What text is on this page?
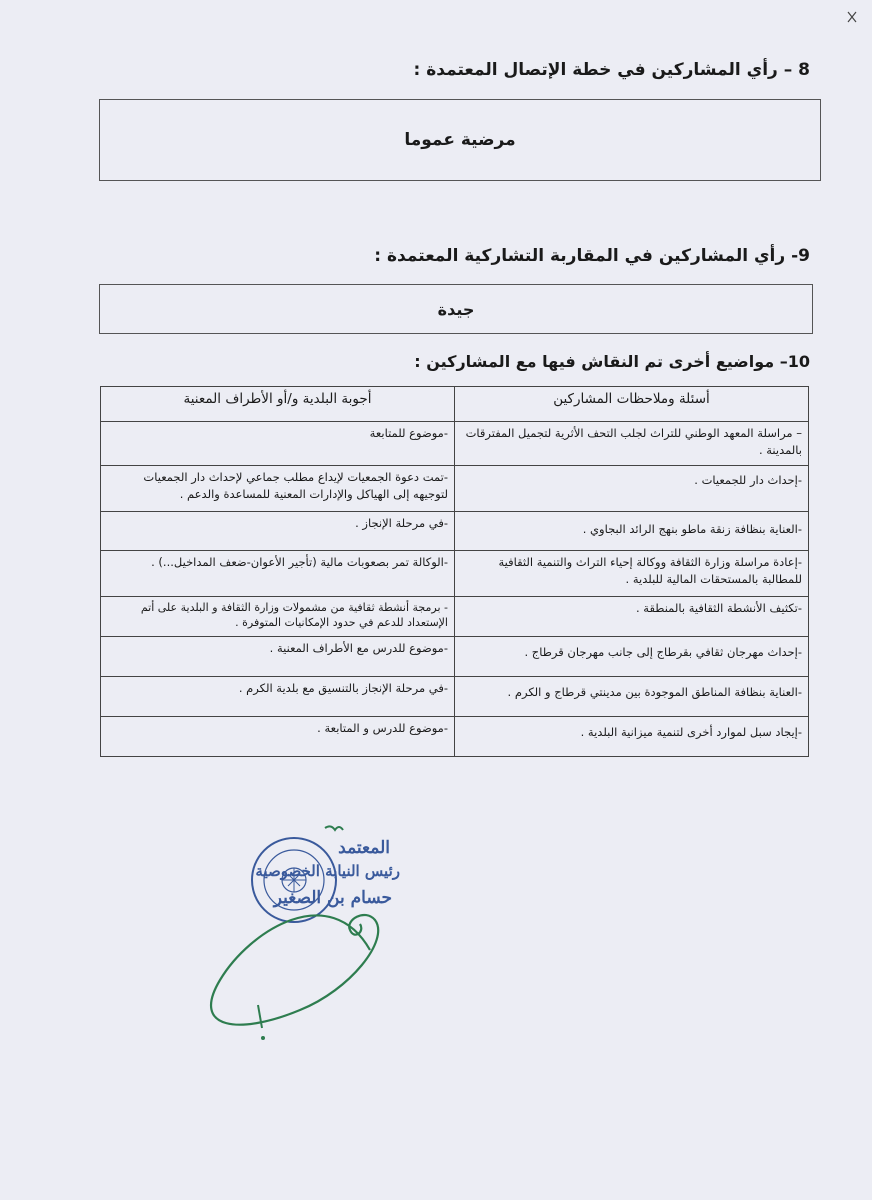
8 – رأي المشاركين في خطة الإتصال المعتمدة :
مرضية عموما
9- رأي المشاركين في المقاربة التشاركية المعتمدة :
جيدة
10– مواضيع أخرى تم النقاش فيها مع المشاركين :
أسئلة وملاحظات المشاركين	أجوبة البلدية و/أو الأطراف المعنية
– مراسلة المعهد الوطني للتراث لجلب التحف الأثرية لتجميل المفترقات بالمدينة .	-موضوع للمتابعة
-إحداث دار للجمعيات .	-تمت دعوة الجمعيات لإيداع مطلب جماعي لإحداث دار الجمعيات لتوجيهه إلى الهياكل والإدارات المعنية للمساعدة والدعم .
-العناية بنظافة زنقة ماطو بنهج الرائد البجاوي .	-في مرحلة الإنجاز .
-إعادة مراسلة وزارة الثقافة ووكالة إحياء التراث والتنمية الثقافية للمطالبة بالمستحقات المالية للبلدية .	-الوكالة تمر بصعوبات مالية (تأجير الأعوان-ضعف المداخيل...) .
-تكثيف الأنشطة الثقافية بالمنطقة .	- برمجة أنشطة ثقافية من مشمولات وزارة الثقافة و البلدية على أتم الإستعداد للدعم في حدود الإمكانيات المتوفرة .
-إحداث مهرجان ثقافي بقرطاج إلى جانب مهرجان قرطاج .	-موضوع للدرس مع الأطراف المعنية .
-العناية بنظافة المناطق الموجودة بين مدينتي قرطاج و الكرم .	-في مرحلة الإنجاز بالتنسيق مع بلدية الكرم .
-إيجاد سبل لموارد أخرى لتنمية ميزانية البلدية .	-موضوع للدرس و المتابعة .
المعتمد
رئيس النيابة الخصوصية
حسام بن الصغير
